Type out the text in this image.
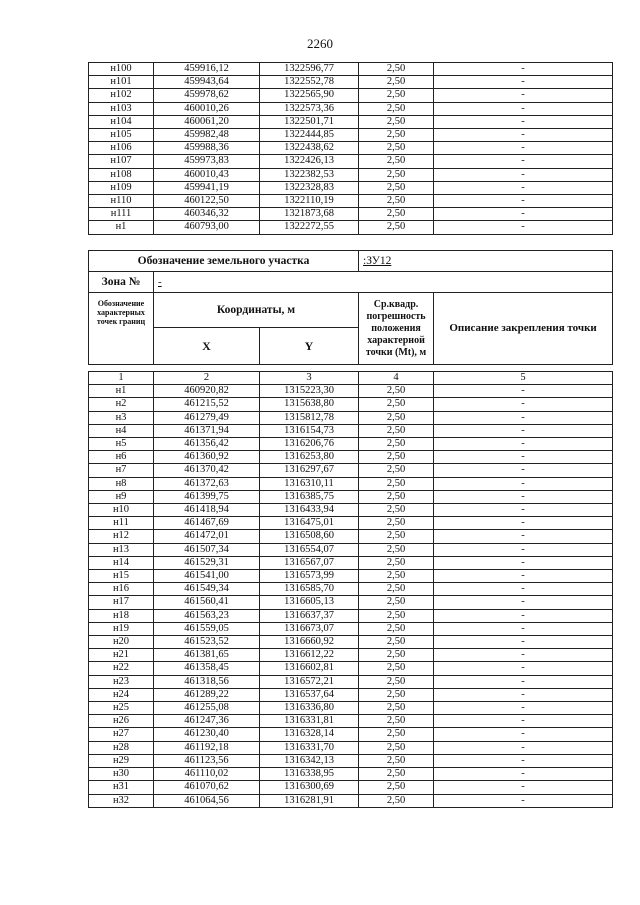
2260
н100	459916,12	1322596,77	2,50	-
н101	459943,64	1322552,78	2,50	-
н102	459978,62	1322565,90	2,50	-
н103	460010,26	1322573,36	2,50	-
н104	460061,20	1322501,71	2,50	-
н105	459982,48	1322444,85	2,50	-
н106	459988,36	1322438,62	2,50	-
н107	459973,83	1322426,13	2,50	-
н108	460010,43	1322382,53	2,50	-
н109	459941,19	1322328,83	2,50	-
н110	460122,50	1322110,19	2,50	-
н111	460346,32	1321873,68	2,50	-
н1	460793,00	1322272,55	2,50	-
Обозначение земельного участка			:ЗУ12	
Зона №	-			
Обозначение характерных точек границ	Координаты, м		Ср.квадр. погрешность положения характерной точки (Mt), м	Описание закрепления точки
	X	Y		
1	2	3	4	5
н1	460920,82	1315223,30	2,50	-
н2	461215,52	1315638,80	2,50	-
н3	461279,49	1315812,78	2,50	-
н4	461371,94	1316154,73	2,50	-
н5	461356,42	1316206,76	2,50	-
н6	461360,92	1316253,80	2,50	-
н7	461370,42	1316297,67	2,50	-
н8	461372,63	1316310,11	2,50	-
н9	461399,75	1316385,75	2,50	-
н10	461418,94	1316433,94	2,50	-
н11	461467,69	1316475,01	2,50	-
н12	461472,01	1316508,60	2,50	-
н13	461507,34	1316554,07	2,50	-
н14	461529,31	1316567,07	2,50	-
н15	461541,00	1316573,99	2,50	-
н16	461549,34	1316585,70	2,50	-
н17	461560,41	1316605,13	2,50	-
н18	461563,23	1316637,37	2,50	-
н19	461559,05	1316673,07	2,50	-
н20	461523,52	1316660,92	2,50	-
н21	461381,65	1316612,22	2,50	-
н22	461358,45	1316602,81	2,50	-
н23	461318,56	1316572,21	2,50	-
н24	461289,22	1316537,64	2,50	-
н25	461255,08	1316336,80	2,50	-
н26	461247,36	1316331,81	2,50	-
н27	461230,40	1316328,14	2,50	-
н28	461192,18	1316331,70	2,50	-
н29	461123,56	1316342,13	2,50	-
н30	461110,02	1316338,95	2,50	-
н31	461070,62	1316300,69	2,50	-
н32	461064,56	1316281,91	2,50	-
